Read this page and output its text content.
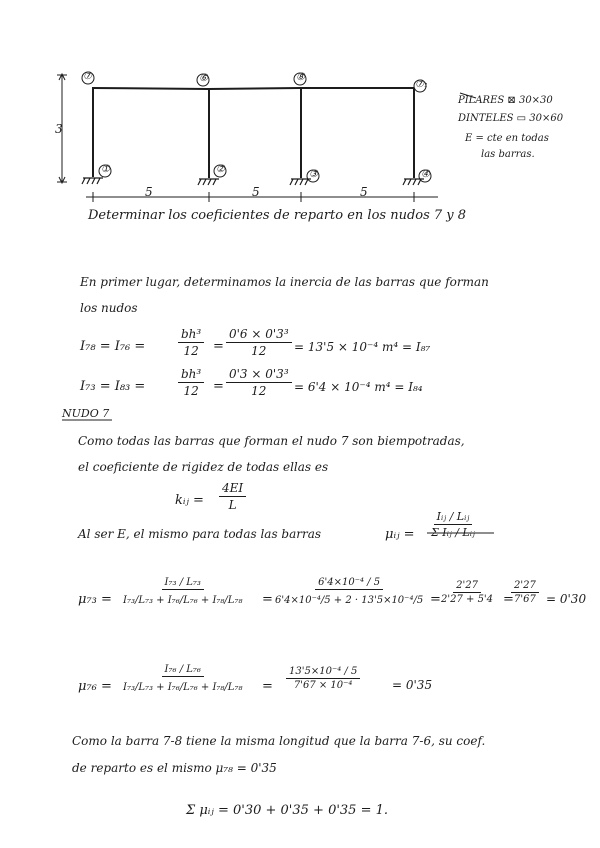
⑦	⑥	⑧
⑦₁
①	②	③	④
3
5	5	5
PILARES ⊠ 30×30
DINTELES ▭ 30×60
E = cte en todas
las barras.
Determinar los coeficientes de reparto en los nudos 7 y 8
En primer lugar, determinamos la inercia de las barras que forman
los nudos
I₇₈ = I₇₆ =	$\frac{\text{bh³}}{12} = \frac{\text{0'6 × 0'3³}}{12} = 13'5 \times 10^{-4}$ m⁴ = I₈₇
I₇₃ = I₈₃ =	$\frac{\text{bh³}}{12} = \frac{\text{0'3 × 0'3³}}{12} = 6'4 \times 10^{-4}$ m⁴ = I₈₄
NUDO 7
Como todas las barras que forman el nudo 7 son biempotradas,
el coeficiente de rigidez de todas ellas es
kᵢⱼ = $\frac{4EI}{L}$
Al ser E, el mismo para todas las barras	μᵢⱼ =
Iᵢⱼ / Lᵢⱼ
Σ Iᵢⱼ / Lᵢⱼ
$\mu_{73} = \frac{\text{I₇₃ / L₇₃}}{\text{I₇₃/L₇₃ + I₇₆/L₇₆ + I₇₈/L₇₈}} = \frac{\text{6'4×10⁻⁴ / 5}}{\text{6'4×10⁻⁴/5 + 2 · 13'5×10⁻⁴/5}}$ =
$\frac{2'27}{2'27 + 5'4}$ =
$\frac{2'27}{7'67} = 0'30$
$\mu_{76} = \frac{\text{I₇₆ / L₇₆}}{\text{I₇₃/L₇₃ + I₇₆/L₇₆ + I₇₈/L₇₈}} = \frac{\text{13'5×10⁻⁴ / 5}}{\text{7'67 × 10⁻⁴}}$	= 0'35
Como la barra 7-8 tiene la misma longitud que la barra 7-6, su coef.
de reparto es el mismo μ₇₈ = 0'35
Σ μᵢⱼ = 0'30 + 0'35 + 0'35 = 1.
